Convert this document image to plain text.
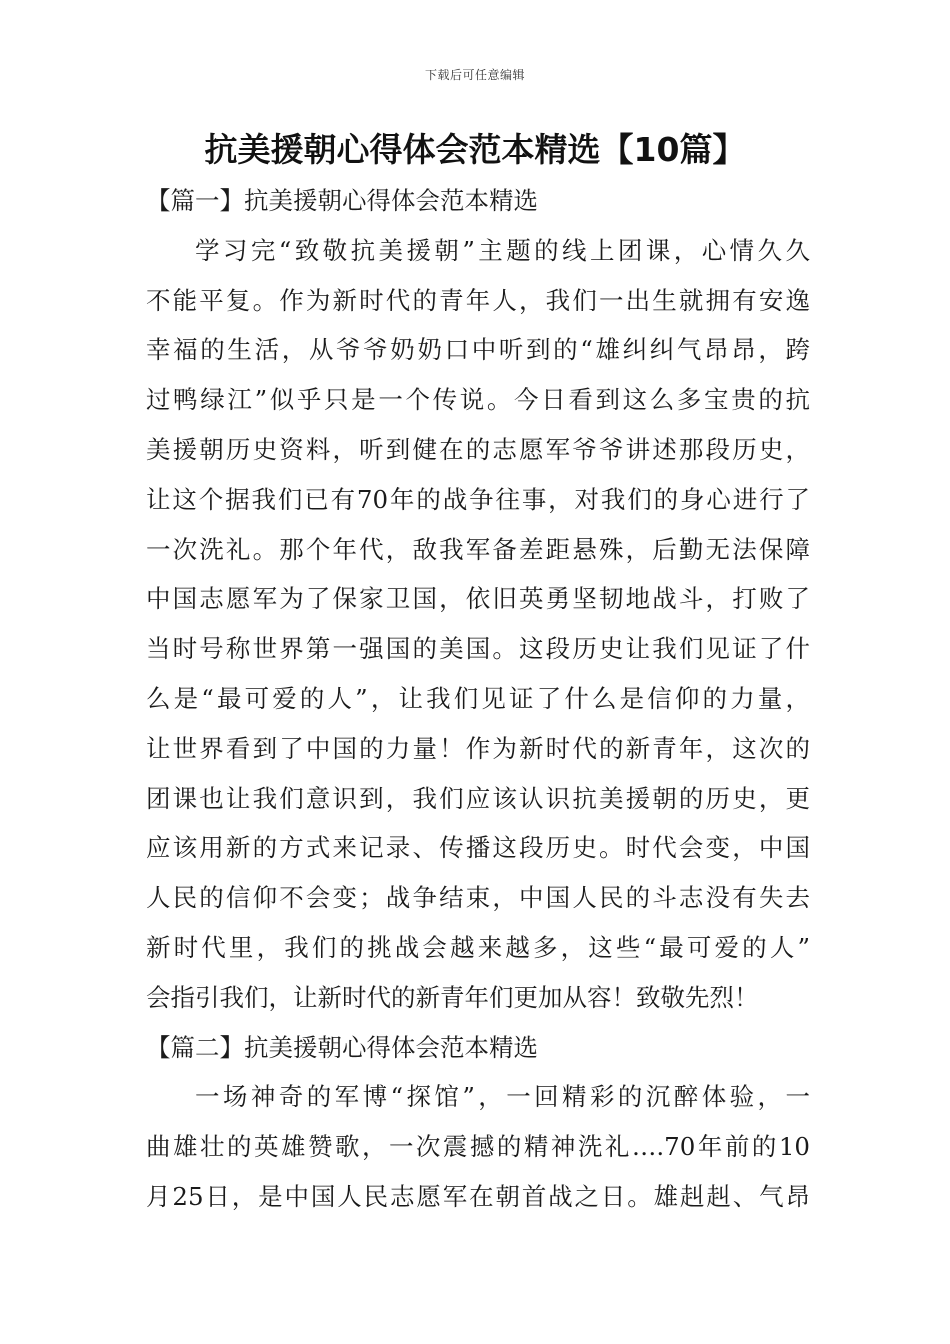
下载后可任意编辑
抗美援朝心得体会范本精选【10篇】
【篇一】抗美援朝心得体会范本精选
学习完“致敬抗美援朝”主题的线上团课，心情久久
不能平复。作为新时代的青年人，我们一出生就拥有安逸
幸福的生活，从爷爷奶奶口中听到的“雄纠纠气昂昂，跨
过鸭绿江”似乎只是一个传说。今日看到这么多宝贵的抗
美援朝历史资料，听到健在的志愿军爷爷讲述那段历史，
让这个据我们已有70年的战争往事，对我们的身心进行了
一次洗礼。那个年代，敌我军备差距悬殊，后勤无法保障
中国志愿军为了保家卫国，依旧英勇坚韧地战斗，打败了
当时号称世界第一强国的美国。这段历史让我们见证了什
么是“最可爱的人”，让我们见证了什么是信仰的力量，
让世界看到了中国的力量！作为新时代的新青年，这次的
团课也让我们意识到，我们应该认识抗美援朝的历史，更
应该用新的方式来记录、传播这段历史。时代会变，中国
人民的信仰不会变；战争结束，中国人民的斗志没有失去
新时代里，我们的挑战会越来越多，这些“最可爱的人”
会指引我们，让新时代的新青年们更加从容！致敬先烈！
【篇二】抗美援朝心得体会范本精选
一场神奇的军博“探馆”，一回精彩的沉醉体验，一
曲雄壮的英雄赞歌，一次震撼的精神洗礼….70年前的10
月25日，是中国人民志愿军在朝首战之日。雄赳赳、气昂
